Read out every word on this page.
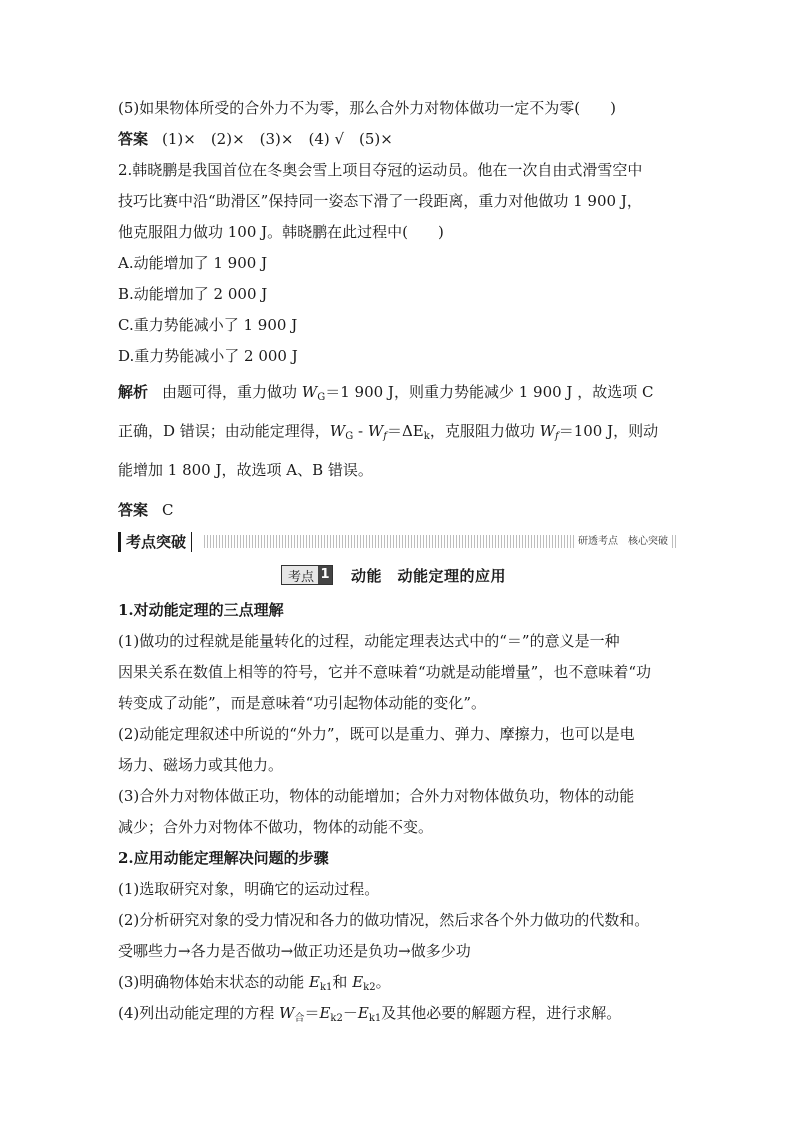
(5)如果物体所受的合外力不为零，那么合外力对物体做功一定不为零(　　)
答案 (1)×　(2)×　(3)×　(4) √　(5)×
2.韩晓鹏是我国首位在冬奥会雪上项目夺冠的运动员。他在一次自由式滑雪空中
技巧比赛中沿“助滑区”保持同一姿态下滑了一段距离，重力对他做功 1 900 J，
他克服阻力做功 100 J。韩晓鹏在此过程中(　　)
A.动能增加了 1 900 J
B.动能增加了 2 000 J
C.重力势能减小了 1 900 J
D.重力势能减小了 2 000 J
解析 由题可得，重力做功 $W_G=1$ 900 J，则重力势能减少 1 900 J ，故选项 C
正确，D 错误；由动能定理得，$W_G - W_f=\Delta E_k$，克服阻力做功 $W_f=100$ J，则动
能增加 1 800 J，故选项 A、B 错误。
答案 C
考点突破	研透考点　核心突破
考点 1 动能　动能定理的应用
1.对动能定理的三点理解
(1)做功的过程就是能量转化的过程，动能定理表达式中的“＝”的意义是一种
因果关系在数值上相等的符号，它并不意味着“功就是动能增量”，也不意味着“功
转变成了动能”，而是意味着“功引起物体动能的变化”。
(2)动能定理叙述中所说的“外力”，既可以是重力、弹力、摩擦力，也可以是电
场力、磁场力或其他力。
(3)合外力对物体做正功，物体的动能增加；合外力对物体做负功，物体的动能
减少；合外力对物体不做功，物体的动能不变。
2.应用动能定理解决问题的步骤
(1)选取研究对象，明确它的运动过程。
(2)分析研究对象的受力情况和各力的做功情况，然后求各个外力做功的代数和。
受哪些力→各力是否做功→做正功还是负功→做多少功
(3)明确物体始末状态的动能 $E_{k1}$和 $E_{k2}$。
(4)列出动能定理的方程 $W_合=E_{k2}-E_{k1}$及其他必要的解题方程，进行求解。
